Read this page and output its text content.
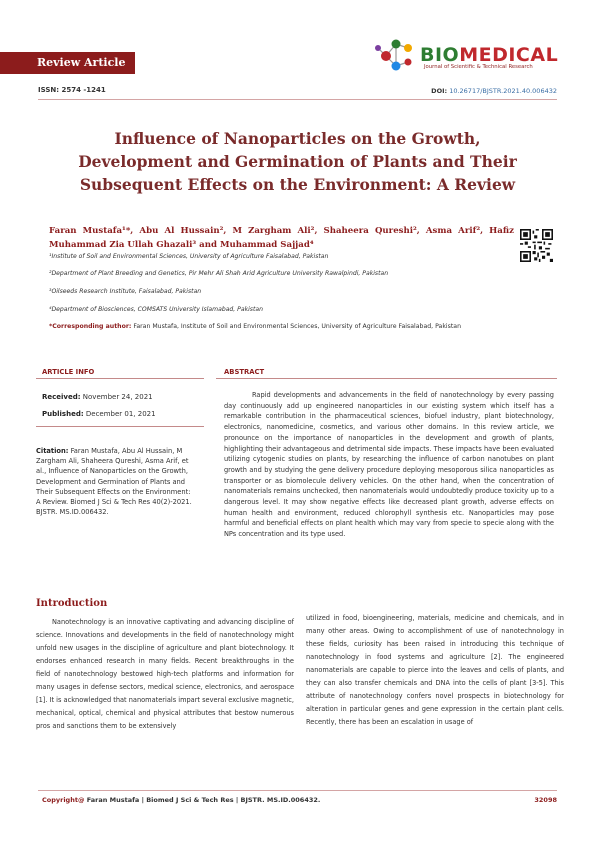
Review Article	BIOMEDICAL
Journal of Scientific & Technical Research
ISSN: 2574 -1241	DOI: 10.26717/BJSTR.2021.40.006432
Influence of Nanoparticles on the Growth,
Development and Germination of Plants and Their
Subsequent Effects on the Environment: A Review
Faran Mustafa¹*, Abu Al Hussain², M Zargham Ali², Shaheera Qureshi², Asma Arif², Hafiz Muhammad Zia Ullah Ghazali³ and Muhammad Sajjad⁴
¹Institute of Soil and Environmental Sciences, University of Agriculture Faisalabad, Pakistan
²Department of Plant Breeding and Genetics, Pir Mehr Ali Shah Arid Agriculture University Rawalpindi, Pakistan
³Oilseeds Research Institute, Faisalabad, Pakistan
⁴Department of Biosciences, COMSATS University Islamabad, Pakistan
*Corresponding author: Faran Mustafa, Institute of Soil and Environmental Sciences, University of Agriculture Faisalabad, Pakistan
ARTICLE INFO
Received: November 24, 2021
Published: December 01, 2021
Citation: Faran Mustafa, Abu Al Hussain, M Zargham Ali, Shaheera Qureshi, Asma Arif, et al., Influence of Nanoparticles on the Growth, Development and Germination of Plants and Their Subsequent Effects on the Environment: A Review. Biomed J Sci & Tech Res 40(2)-2021. BJSTR. MS.ID.006432.
ABSTRACT
Rapid developments and advancements in the field of nanotechnology by every passing day continuously add up engineered nanoparticles in our existing system which itself has a remarkable contribution in the pharmaceutical sciences, biofuel industry, plant biotechnology, electronics, nanomedicine, cosmetics, and various other domains. In this review article, we pronounce on the importance of nanoparticles in the development and growth of plants, highlighting their advantageous and detrimental side impacts. These impacts have been evaluated utilizing cytogenic studies on plants, by researching the influence of carbon nanotubes on plant growth and by studying the gene delivery procedure deploying mesoporous silica nanoparticles as transporter or as biomolecule delivery vehicles. On the other hand, when the concentration of nanomaterials remains unchecked, then nanomaterials would undoubtedly produce toxicity up to a dangerous level. It may show negative effects like decreased plant growth, adverse effects on human health and environment, reduced chlorophyll synthesis etc. Nanoparticles may pose harmful and beneficial effects on plant health which may vary from specie to specie along with the NPs concentration and its type used.
Introduction
Nanotechnology is an innovative captivating and advancing discipline of science. Innovations and developments in the field of nanotechnology might unfold new usages in the discipline of agriculture and plant biotechnology. It endorses enhanced research in many fields. Recent breakthroughs in the field of nanotechnology bestowed high-tech platforms and information for many usages in defense sectors, medical science, electronics, and aerospace [1]. It is acknowledged that nanomaterials impart several exclusive magnetic, mechanical, optical, chemical and physical attributes that bestow numerous pros and sanctions them to be extensively
utilized in food, bioengineering, materials, medicine and chemicals, and in many other areas. Owing to accomplishment of use of nanotechnology in these fields, curiosity has been raised in introducing this technique of nanotechnology in food systems and agriculture [2]. The engineered nanomaterials are capable to pierce into the leaves and cells of plants, and they can also transfer chemicals and DNA into the cells of plant [3-5]. This attribute of nanotechnology confers novel prospects in biotechnology for alteration in particular genes and gene expression in the certain plant cells. Recently, there has been an escalation in usage of
Copyright@ Faran Mustafa | Biomed J Sci & Tech Res | BJSTR. MS.ID.006432.	32098
